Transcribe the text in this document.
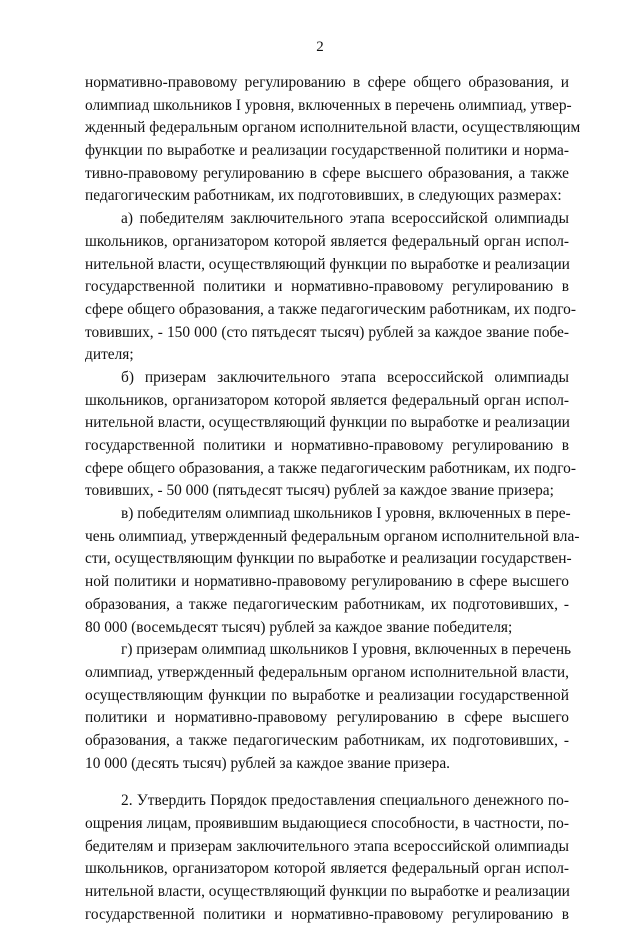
2
нормативно-правовому регулированию в сфере общего образования, и
олимпиад школьников I уровня, включенных в перечень олимпиад, утвер-
жденный федеральным органом исполнительной власти, осуществляющим
функции по выработке и реализации государственной политики и норма-
тивно-правовому регулированию в сфере высшего образования, а также
педагогическим работникам, их подготовивших, в следующих размерах:
а) победителям заключительного этапа всероссийской олимпиады
школьников, организатором которой является федеральный орган испол-
нительной власти, осуществляющий функции по выработке и реализации
государственной политики и нормативно-правовому регулированию в
сфере общего образования, а также педагогическим работникам, их подго-
товивших, - 150 000 (сто пятьдесят тысяч) рублей за каждое звание побе-
дителя;
б) призерам заключительного этапа всероссийской олимпиады
школьников, организатором которой является федеральный орган испол-
нительной власти, осуществляющий функции по выработке и реализации
государственной политики и нормативно-правовому регулированию в
сфере общего образования, а также педагогическим работникам, их подго-
товивших, - 50 000 (пятьдесят тысяч) рублей за каждое звание призера;
в) победителям олимпиад школьников I уровня, включенных в пере-
чень олимпиад, утвержденный федеральным органом исполнительной вла-
сти, осуществляющим функции по выработке и реализации государствен-
ной политики и нормативно-правовому регулированию в сфере высшего
образования, а также педагогическим работникам, их подготовивших, -
80 000 (восемьдесят тысяч) рублей за каждое звание победителя;
г) призерам олимпиад школьников I уровня, включенных в перечень
олимпиад, утвержденный федеральным органом исполнительной власти,
осуществляющим функции по выработке и реализации государственной
политики и нормативно-правовому регулированию в сфере высшего
образования, а также педагогическим работникам, их подготовивших, -
10 000 (десять тысяч) рублей за каждое звание призера.
2. Утвердить Порядок предоставления специального денежного по-
ощрения лицам, проявившим выдающиеся способности, в частности, по-
бедителям и призерам заключительного этапа всероссийской олимпиады
школьников, организатором которой является федеральный орган испол-
нительной власти, осуществляющий функции по выработке и реализации
государственной политики и нормативно-правовому регулированию в
